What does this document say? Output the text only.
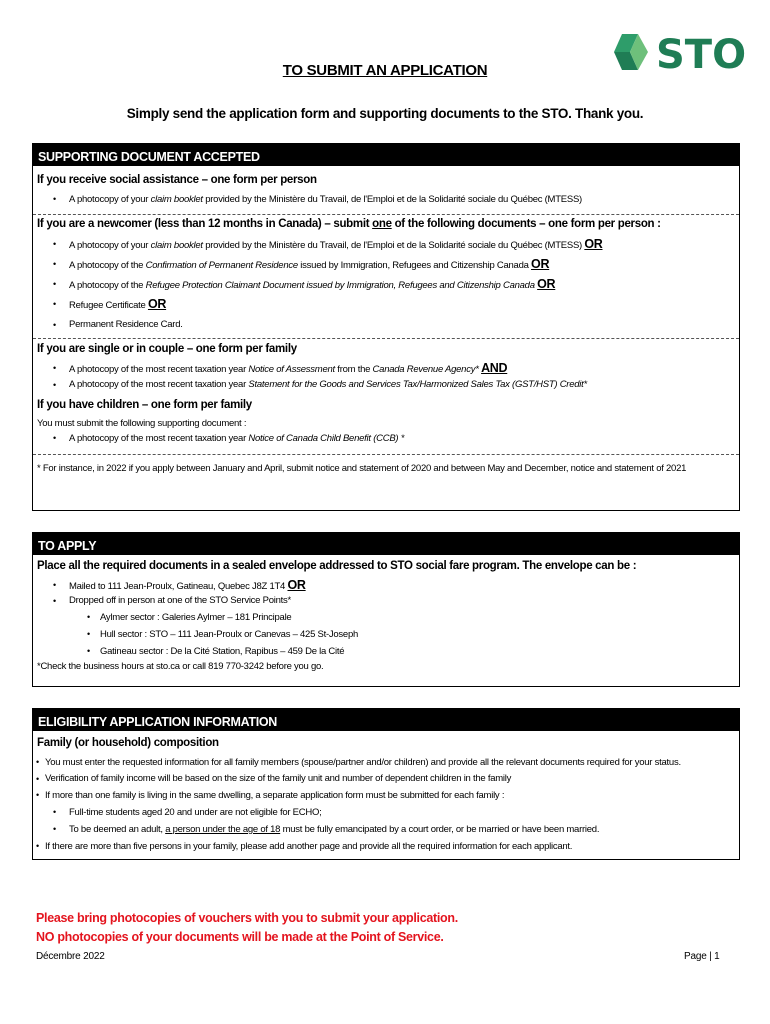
STO
TO SUBMIT AN APPLICATION
Simply send the application form and supporting documents to the STO. Thank you.
SUPPORTING DOCUMENT ACCEPTED
If you receive social assistance – one form per person
• A photocopy of your claim booklet provided by the Ministère du Travail, de l'Emploi et de la Solidarité sociale du Québec (MTESS)
If you are a newcomer (less than 12 months in Canada) – submit one of the following documents – one form per person :
• A photocopy of your claim booklet provided by the Ministère du Travail, de l'Emploi et de la Solidarité sociale du Québec (MTESS) OR
• A photocopy of the Confirmation of Permanent Residence issued by Immigration, Refugees and Citizenship Canada OR
• A photocopy of the Refugee Protection Claimant Document issued by Immigration, Refugees and Citizenship Canada OR
• Refugee Certificate OR
• Permanent Residence Card.
If you are single or in couple – one form per family
• A photocopy of the most recent taxation year Notice of Assessment from the Canada Revenue Agency* AND
• A photocopy of the most recent taxation year Statement for the Goods and Services Tax/Harmonized Sales Tax (GST/HST) Credit*
If you have children – one form per family
You must submit the following supporting document :
• A photocopy of the most recent taxation year Notice of Canada Child Benefit (CCB) *
* For instance, in 2022 if you apply between January and April, submit notice and statement of 2020 and between May and December, notice and statement of 2021
TO APPLY
Place all the required documents in a sealed envelope addressed to STO social fare program. The envelope can be :
• Mailed to 111 Jean-Proulx, Gatineau, Quebec J8Z 1T4 OR
• Dropped off in person at one of the STO Service Points*
• Aylmer sector : Galeries Aylmer – 181 Principale
• Hull sector : STO – 111 Jean-Proulx or Canevas – 425 St-Joseph
• Gatineau sector : De la Cité Station, Rapibus – 459 De la Cité
*Check the business hours at sto.ca or call 819 770-3242 before you go.
ELIGIBILITY APPLICATION INFORMATION
Family (or household) composition
• You must enter the requested information for all family members (spouse/partner and/or children) and provide all the relevant documents required for your status.
• Verification of family income will be based on the size of the family unit and number of dependent children in the family
• If more than one family is living in the same dwelling, a separate application form must be submitted for each family :
• Full-time students aged 20 and under are not eligible for ECHO;
• To be deemed an adult, a person under the age of 18 must be fully emancipated by a court order, or be married or have been married.
• If there are more than five persons in your family, please add another page and provide all the required information for each applicant.
Please bring photocopies of vouchers with you to submit your application.
NO photocopies of your documents will be made at the Point of Service.
Décembre 2022	Page | 1
